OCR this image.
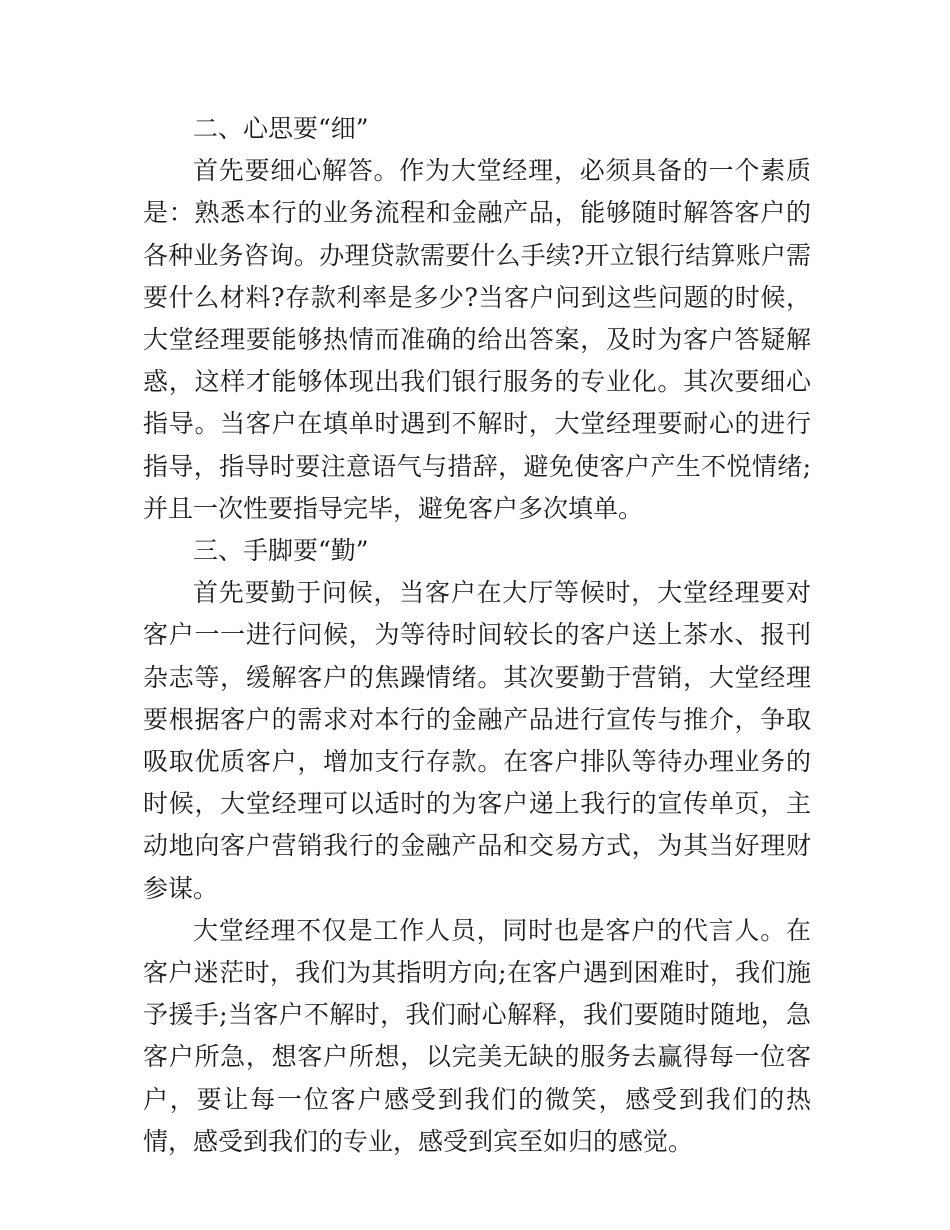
二、心思要“细”

首先要细心解答。作为大堂经理，必须具备的一个素质是：熟悉本行的业务流程和金融产品，能够随时解答客户的各种业务咨询。办理贷款需要什么手续?开立银行结算账户需要什么材料?存款利率是多少?当客户问到这些问题的时候，大堂经理要能够热情而准确的给出答案，及时为客户答疑解惑，这样才能够体现出我们银行服务的专业化。其次要细心指导。当客户在填单时遇到不解时，大堂经理要耐心的进行指导，指导时要注意语气与措辞，避免使客户产生不悦情绪;并且一次性要指导完毕，避免客户多次填单。

三、手脚要“勤”

首先要勤于问候，当客户在大厅等候时，大堂经理要对客户一一进行问候，为等待时间较长的客户送上茶水、报刊杂志等，缓解客户的焦躁情绪。其次要勤于营销，大堂经理要根据客户的需求对本行的金融产品进行宣传与推介，争取吸取优质客户，增加支行存款。在客户排队等待办理业务的时候，大堂经理可以适时的为客户递上我行的宣传单页，主动地向客户营销我行的金融产品和交易方式，为其当好理财参谋。

大堂经理不仅是工作人员，同时也是客户的代言人。在客户迷茫时，我们为其指明方向;在客户遇到困难时，我们施予援手;当客户不解时，我们耐心解释，我们要随时随地，急客户所急，想客户所想，以完美无缺的服务去赢得每一位客户，要让每一位客户感受到我们的微笑，感受到我们的热情，感受到我们的专业，感受到宾至如归的感觉。
